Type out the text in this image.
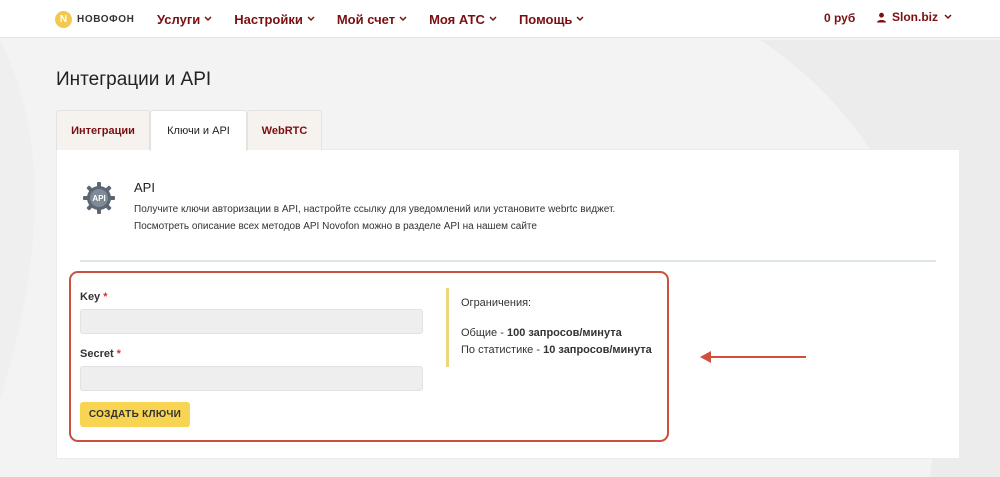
N НОВОФОН Услуги	Настройки	Мой счет	Моя АТС	Помощь	0 руб	Slon.biz
Интеграции и API
Интеграции	Ключи и API	WebRTC
API
API
Получите ключи авторизации в API, настройте ссылку для уведомлений или установите webrtc виджет.
Посмотреть описание всех методов API Novofon можно в разделе API на нашем сайте
Key *
Secret *
СОЗДАТЬ КЛЮЧИ
Ограничения:
Общие - 100 запросов/минута
По статистике - 10 запросов/минута
